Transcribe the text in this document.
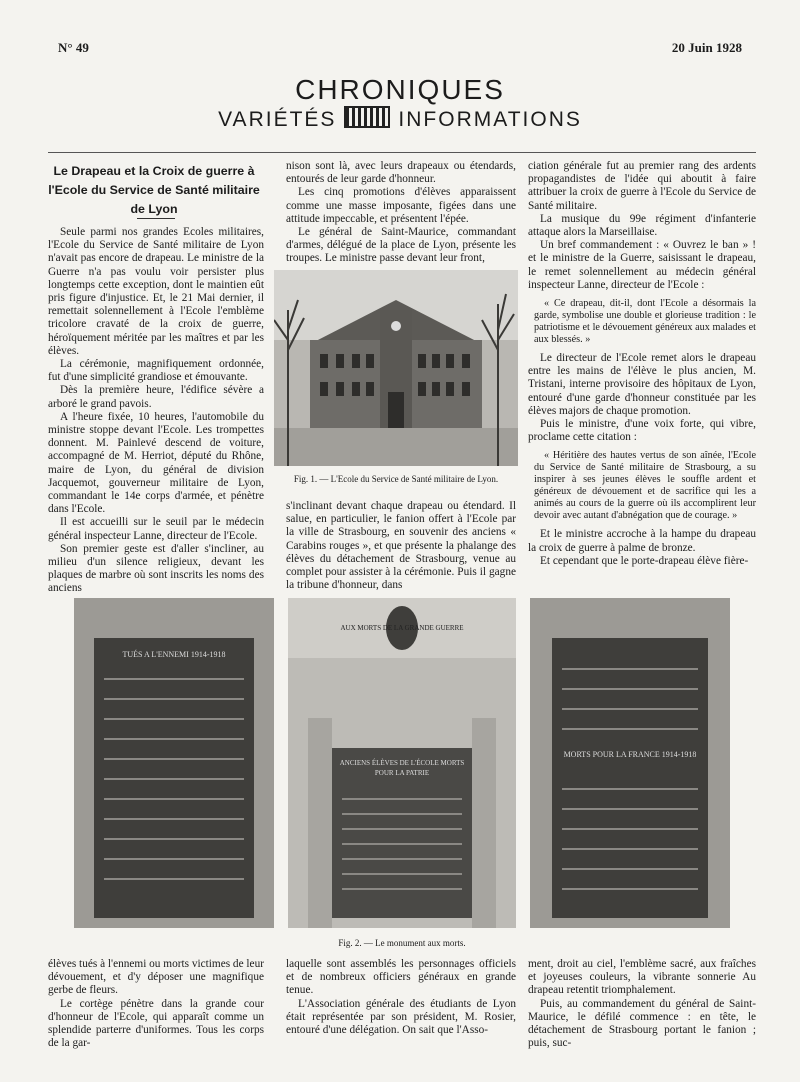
N° 49	20 Juin 1928
CHRONIQUES
VARIÉTÉS	INFORMATIONS
Le Drapeau et la Croix de guerre à l'Ecole du Service de Santé militaire de Lyon

Seule parmi nos grandes Ecoles militaires, l'Ecole du Service de Santé militaire de Lyon n'avait pas encore de drapeau. Le ministre de la Guerre n'a pas voulu voir persister plus longtemps cette exception, dont le maintien eût pris figure d'injustice. Et, le 21 Mai dernier, il remettait solennellement à l'Ecole l'emblème tricolore cravaté de la croix de guerre, héroïquement méritée par les maîtres et par les élèves.

La cérémonie, magnifiquement ordonnée, fut d'une simplicité grandiose et émouvante.

Dès la première heure, l'édifice sévère a arboré le grand pavois.

A l'heure fixée, 10 heures, l'automobile du ministre stoppe devant l'Ecole. Les trompettes donnent. M. Painlevé descend de voiture, accompagné de M. Herriot, député du Rhône, maire de Lyon, du général de division Jacquemot, gouverneur militaire de Lyon, commandant le 14e corps d'armée, et pénètre dans l'Ecole.

Il est accueilli sur le seuil par le médecin général inspecteur Lanne, directeur de l'Ecole.

Son premier geste est d'aller s'incliner, au milieu d'un silence religieux, devant les plaques de marbre où sont inscrits les noms des anciens

nison sont là, avec leurs drapeaux ou étendards, entourés de leur garde d'honneur.

Les cinq promotions d'élèves apparaissent comme une masse imposante, figées dans une attitude impeccable, et présentent l'épée.

Le général de Saint-Maurice, commandant d'armes, délégué de la place de Lyon, présente les troupes. Le ministre passe devant leur front,

Fig. 1. — L'Ecole du Service de Santé militaire de Lyon.

s'inclinant devant chaque drapeau ou étendard. Il salue, en particulier, le fanion offert à l'Ecole par la ville de Strasbourg, en souvenir des anciens « Carabins rouges », et que présente la phalange des élèves du détachement de Strasbourg, venue au complet pour assister à la cérémonie. Puis il gagne la tribune d'honneur, dans

ciation générale fut au premier rang des ardents propagandistes de l'idée qui aboutit à faire attribuer la croix de guerre à l'Ecole du Service de Santé militaire.

La musique du 99e régiment d'infanterie attaque alors la Marseillaise.

Un bref commandement : « Ouvrez le ban » ! et le ministre de la Guerre, saisissant le drapeau, le remet solennellement au médecin général inspecteur Lanne, directeur de l'Ecole :

« Ce drapeau, dit-il, dont l'Ecole a désormais la garde, symbolise une double et glorieuse tradition : le patriotisme et le dévouement généreux aux malades et aux blessés. »

Le directeur de l'Ecole remet alors le drapeau entre les mains de l'élève le plus ancien, M. Tristani, interne provisoire des hôpitaux de Lyon, entouré d'une garde d'honneur constituée par les élèves majors de chaque promotion.

Puis le ministre, d'une voix forte, qui vibre, proclame cette citation :

« Héritière des hautes vertus de son aînée, l'Ecole du Service de Santé militaire de Strasbourg, a su inspirer à ses jeunes élèves le souffle ardent et généreux de dévouement et de sacrifice qui les a animés au cours de la guerre où ils accomplirent leur devoir avec autant d'abnégation que de courage. »

Et le ministre accroche à la hampe du drapeau la croix de guerre à palme de bronze.

Et cependant que le porte-drapeau élève fière-

TUÉS A L'ENNEMI 1914-1918
AUX MORTS DE LA GRANDE GUERRE
ANCIENS ÉLÈVES DE L'ÉCOLE MORTS POUR LA PATRIE
MORTS POUR LA FRANCE 1914-1918
Fig. 2. — Le monument aux morts.

élèves tués à l'ennemi ou morts victimes de leur dévouement, et d'y déposer une magnifique gerbe de fleurs.

Le cortège pénètre dans la grande cour d'honneur de l'Ecole, qui apparaît comme un splendide parterre d'uniformes. Tous les corps de la gar-

laquelle sont assemblés les personnages officiels et de nombreux officiers généraux en grande tenue.

L'Association générale des étudiants de Lyon était représentée par son président, M. Rosier, entouré d'une délégation. On sait que l'Asso-

ment, droit au ciel, l'emblème sacré, aux fraîches et joyeuses couleurs, la vibrante sonnerie Au drapeau retentit triomphalement.

Puis, au commandement du général de Saint-Maurice, le défilé commence : en tête, le détachement de Strasbourg portant le fanion ; puis, suc-
